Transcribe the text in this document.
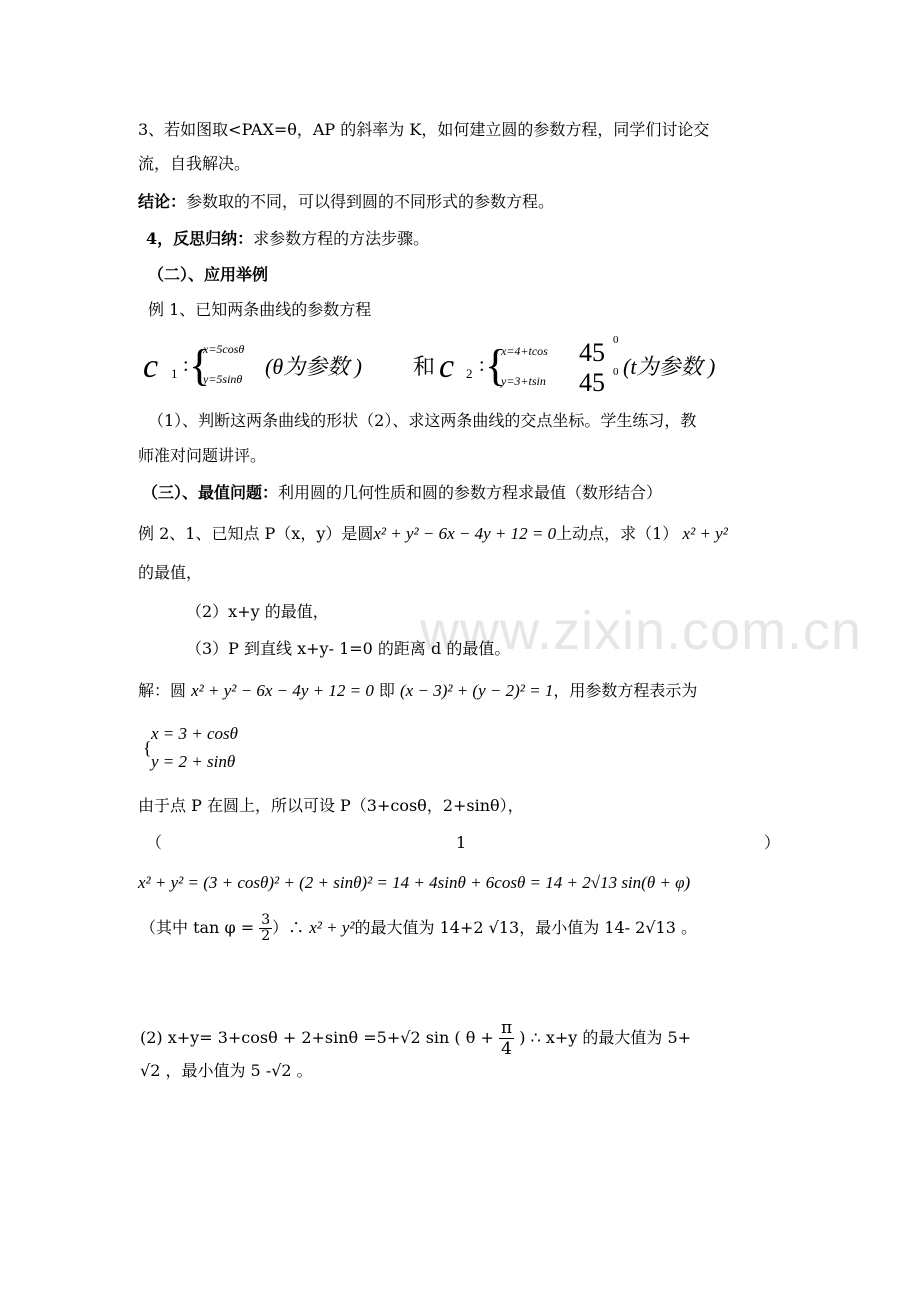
www.zixin.com.cn
3、若如图取<PAX=θ，AP 的斜率为 K，如何建立圆的参数方程，同学们讨论交
流，自我解决。
结论：参数取的不同，可以得到圆的不同形式的参数方程。
4，反思归纳：求参数方程的方法步骤。
（二）、应用举例
例 1、已知两条曲线的参数方程
c 1 : {
x=5cosθ
y=5sinθ (θ为参数 ) 和 c 2 : {
x=4+tcos 45 0
y=3+tsin 45 0 (t为参数 )
（1）、判断这两条曲线的形状（2）、求这两条曲线的交点坐标。学生练习，教
师准对问题讲评。
（三）、最值问题：利用圆的几何性质和圆的参数方程求最值（数形结合）
例 2、1、已知点 P（x，y）是圆x² + y² − 6x − 4y + 12 = 0上动点，求（1） x² + y²
的最值，
（2）x+y 的最值，
（3）P 到直线 x+y- 1=0 的距离 d 的最值。
解：圆 x² + y² − 6x − 4y + 12 = 0 即 (x − 3)² + (y − 2)² = 1，用参数方程表示为
{
x = 3 + cosθ
y = 2 + sinθ
由于点 P 在圆上，所以可设 P（3+cosθ，2+sinθ），
（	1	）
x² + y² = (3 + cosθ)² + (2 + sinθ)² = 14 + 4sinθ + 6cosθ = 14 + 2√13 sin(θ + φ)
（其中 $\tan \varphi = \frac{3}{2}$ ）∴ x² + y²的最大值为 14+2 √13，最小值为 14- 2√13 。
(2) x+y= 3+cosθ + 2+sinθ =5+√2 sin ( $\theta + \frac{\pi}{4}$ ) ∴ x+y 的最大值为 5+
√2 ，最小值为 5 -√2 。
